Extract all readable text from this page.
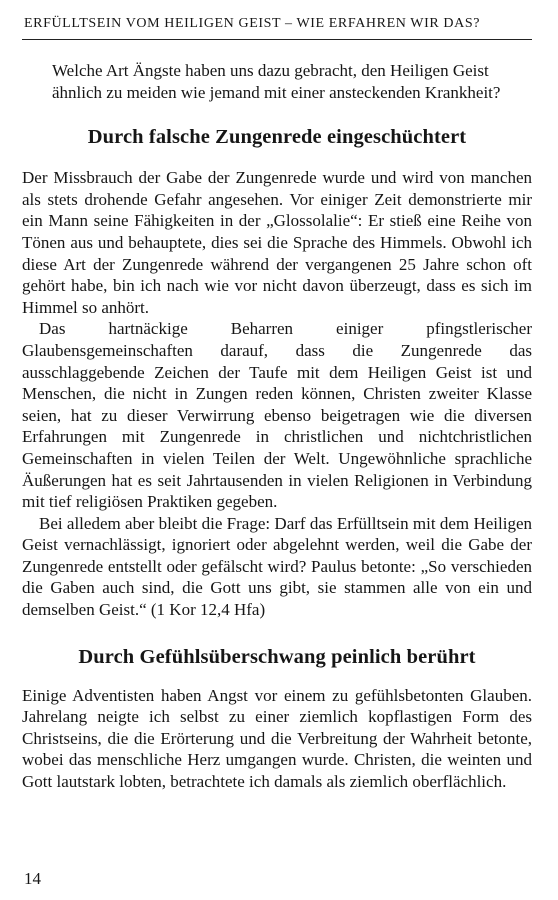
ERFÜLLTSEIN VOM HEILIGEN GEIST – WIE ERFAHREN WIR DAS?

Welche Art Ängste haben uns dazu gebracht, den Heiligen Geist ähnlich zu meiden wie jemand mit einer ansteckenden Krankheit?

Durch falsche Zungenrede eingeschüchtert

Der Missbrauch der Gabe der Zungenrede wurde und wird von manchen als stets drohende Gefahr angesehen. Vor einiger Zeit demonstrierte mir ein Mann seine Fähigkeiten in der „Glossolalie“: Er stieß eine Reihe von Tönen aus und behauptete, dies sei die Sprache des Himmels. Obwohl ich diese Art der Zungenrede während der vergangenen 25 Jahre schon oft gehört habe, bin ich nach wie vor nicht davon überzeugt, dass es sich im Himmel so anhört.

Das hartnäckige Beharren einiger pfingstlerischer Glaubensgemeinschaften darauf, dass die Zungenrede das ausschlaggebende Zeichen der Taufe mit dem Heiligen Geist ist und Menschen, die nicht in Zungen reden können, Christen zweiter Klasse seien, hat zu dieser Verwirrung ebenso beigetragen wie die diversen Erfahrungen mit Zungenrede in christlichen und nichtchristlichen Gemeinschaften in vielen Teilen der Welt. Ungewöhnliche sprachliche Äußerungen hat es seit Jahrtausenden in vielen Religionen in Verbindung mit tief religiösen Praktiken gegeben.

Bei alledem aber bleibt die Frage: Darf das Erfülltsein mit dem Heiligen Geist vernachlässigt, ignoriert oder abgelehnt werden, weil die Gabe der Zungenrede entstellt oder gefälscht wird? Paulus betonte: „So verschieden die Gaben auch sind, die Gott uns gibt, sie stammen alle von ein und demselben Geist.“ (1 Kor 12,4 Hfa)

Durch Gefühlsüberschwang peinlich berührt

Einige Adventisten haben Angst vor einem zu gefühlsbetonten Glauben. Jahrelang neigte ich selbst zu einer ziemlich kopflastigen Form des Christseins, die die Erörterung und die Verbreitung der Wahrheit betonte, wobei das menschliche Herz umgangen wurde. Christen, die weinten und Gott lautstark lobten, betrachtete ich damals als ziemlich oberflächlich.

14
